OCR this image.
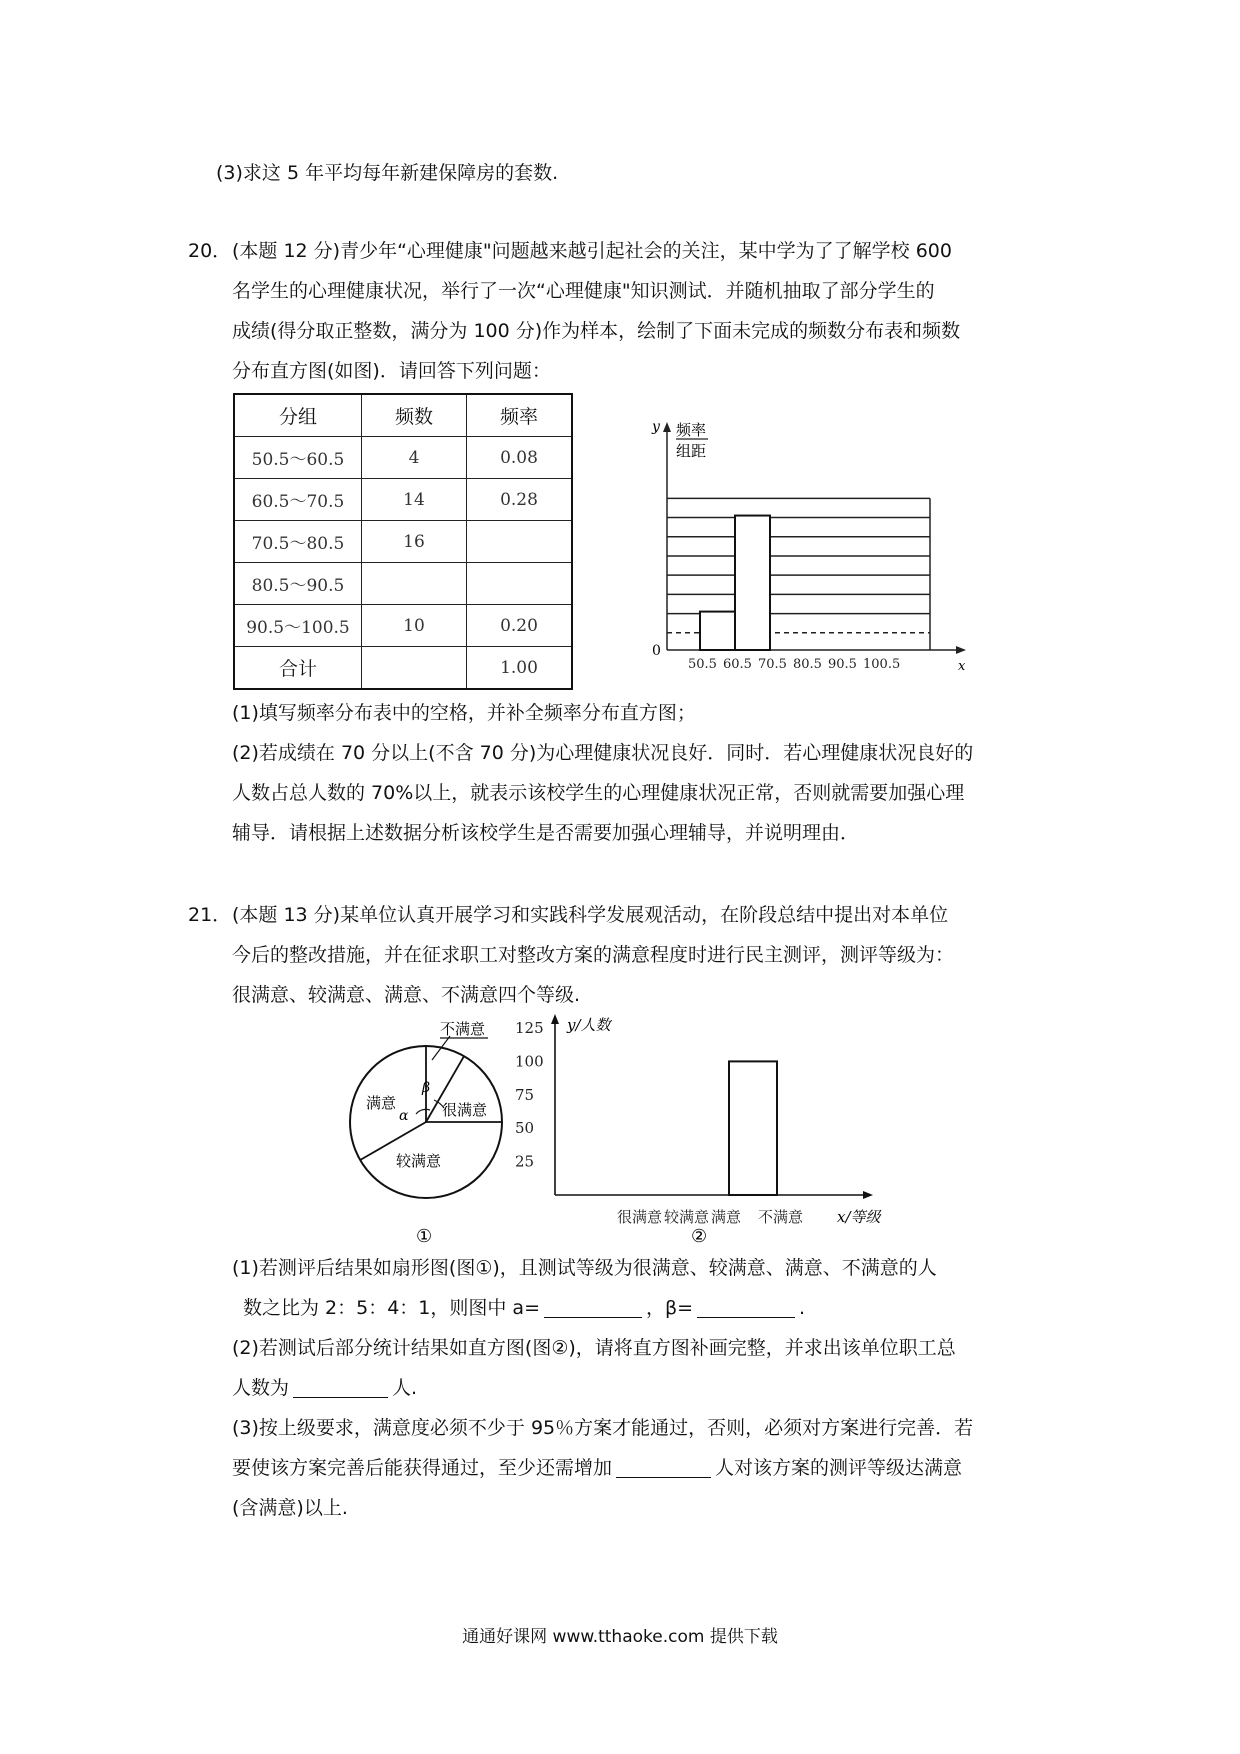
(3)求这 5 年平均每年新建保障房的套数.
20． (本题 12 分)青少年“心理健康"问题越来越引起社会的关注，某中学为了了解学校 600
名学生的心理健康状况，举行了一次“心理健康"知识测试．并随机抽取了部分学生的
成绩(得分取正整数，满分为 100 分)作为样本，绘制了下面未完成的频数分布表和频数
分布直方图(如图)．请回答下列问题：
分组	频数	频率
50.5～60.5	4	0.08
60.5～70.5	14	0.28
70.5～80.5	16	
80.5～90.5		
90.5～100.5	10	0.20
合计		1.00
y 频率
组距
0
x
50.5 60.5 70.5 80.5 90.5 100.5
(1)填写频率分布表中的空格，并补全频率分布直方图；
(2)若成绩在 70 分以上(不含 70 分)为心理健康状况良好．同时．若心理健康状况良好的
人数占总人数的 70%以上，就表示该校学生的心理健康状况正常，否则就需要加强心理
辅导．请根据上述数据分析该校学生是否需要加强心理辅导，并说明理由．
21． (本题 13 分)某单位认真开展学习和实践科学发展观活动，在阶段总结中提出对本单位
今后的整改措施，并在征求职工对整改方案的满意程度时进行民主测评，测评等级为：
很满意、较满意、满意、不满意四个等级.
不满意
很满意
满意
较满意
β
α
①
125
100
75
50
25
很满意 较满意 满意 不满意
y/人数
x/等级
②
(1)若测评后结果如扇形图(图①)，且测试等级为很满意、较满意、满意、不满意的人
数之比为 2：5：4：1，则图中 a=	，β=	.
(2)若测试后部分统计结果如直方图(图②)，请将直方图补画完整，并求出该单位职工总
人数为	人.
(3)按上级要求，满意度必须不少于 95％方案才能通过，否则，必须对方案进行完善．若
要使该方案完善后能获得通过，至少还需增加	人对该方案的测评等级达满意
(含满意)以上.
通通好课网 www.tthaoke.com 提供下载
